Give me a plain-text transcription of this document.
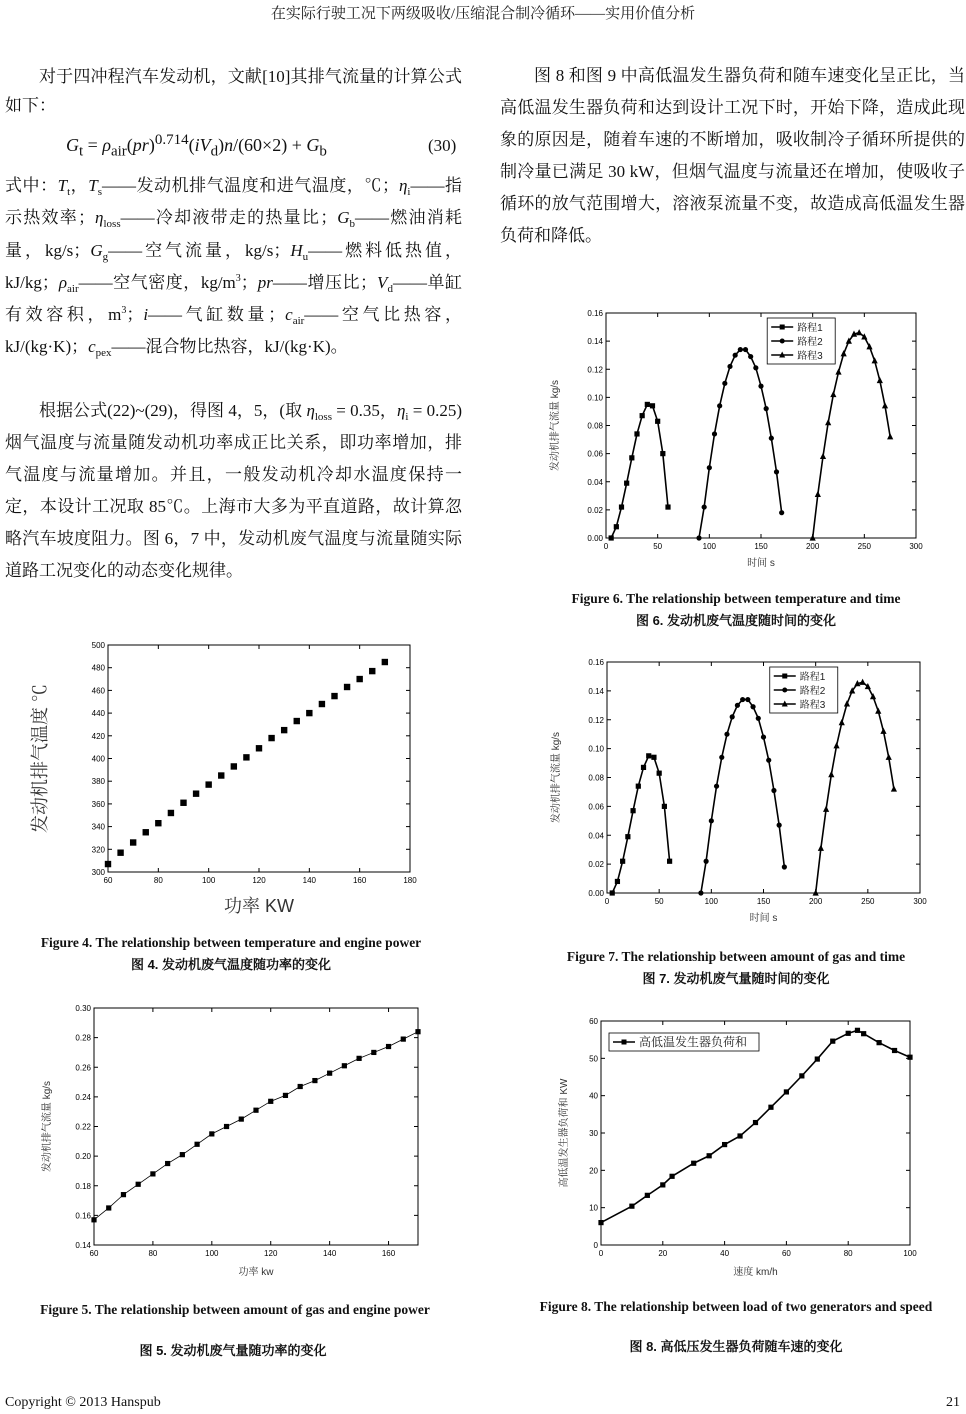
在实际行驶工况下两级吸收/压缩混合制冷循环——实用价值分析
对于四冲程汽车发动机，文献[10]其排气流量的计算公式如下：
$G_t = \rho_{air}(pr)^{0.714}(iV_d)n/(60\times 2) + G_b$	(30)
式中：$T_t$，$T_s——$发动机排气温度和进气温度，℃；$\eta_i——$指示热效率；$\eta_{loss}——$冷却液带走的热量比；$G_b——$燃油消耗量，kg/s；$G_g——$空气流量，kg/s；$H_u——$燃料低热值，kJ/kg；$\rho_{air}——$空气密度，$kg/m^3$；pr——增压比；$V_d——$单缸有效容积，$m^3$；i——气缸数量；$c_{air}——$空气比热容，kJ/(kg·K)；$c_{pex}——$混合物比热容，kJ/(kg·K)。
根据公式(22)~(29)，得图 4，5，(取 $\eta_{loss} = 0.35$，$\eta_i = 0.25$)烟气温度与流量随发动机功率成正比关系，即功率增加，排气温度与流量增加。并且，一般发动机冷却水温度保持一定，本设计工况取 85℃。上海市大多为平直道路，故计算忽略汽车坡度阻力。图 6，7 中，发动机废气温度与流量随实际道路工况变化的动态变化规律。
图 8 和图 9 中高低温发生器负荷和随车速变化呈正比，当高低温发生器负荷和达到设计工况下时，开始下降，造成此现象的原因是，随着车速的不断增加，吸收制冷子循环所提供的制冷量已满足 30 kW，但烟气温度与流量还在增加，使吸收子循环的放气范围增大，溶液泵流量不变，故造成高低温发生器负荷和降低。
60	80	100	120	140	160	180
300
320
340
360
380
400
420
440
460
480
500
功率 KW
发动机排气温度 ℃
60	80	100	120	140	160
0.14
0.16
0.18
0.20
0.22
0.24
0.26
0.28
0.30
功率 kw
发动机排气流量 kg/s
0	50	100	150	200	250	300
0.00
0.02
0.04
0.06
0.08
0.10
0.12
0.14
0.16
时间 s
发动机排气流量 kg/s
路程1
路程2
路程3
0	50	100	150	200	250	300
0.00
0.02
0.04
0.06
0.08
0.10
0.12
0.14
0.16
时间 s
发动机排气流量 kg/s
路程1
路程2
路程3
0	20	40	60	80	100
0
10
20
30
40
50
60
速度 km/h
高低温发生器负荷和 KW
高低温发生器负荷和
Figure 4. The relationship between temperature and engine power
图 4. 发动机废气温度随功率的变化
Figure 5. The relationship between amount of gas and engine power
图 5. 发动机废气量随功率的变化
Figure 6. The relationship between temperature and time
图 6. 发动机废气温度随时间的变化
Figure 7. The relationship between amount of gas and time
图 7. 发动机废气量随时间的变化
Figure 8. The relationship between load of two generators and speed
图 8. 高低压发生器负荷随车速的变化
Copyright © 2013 Hanspub	21
